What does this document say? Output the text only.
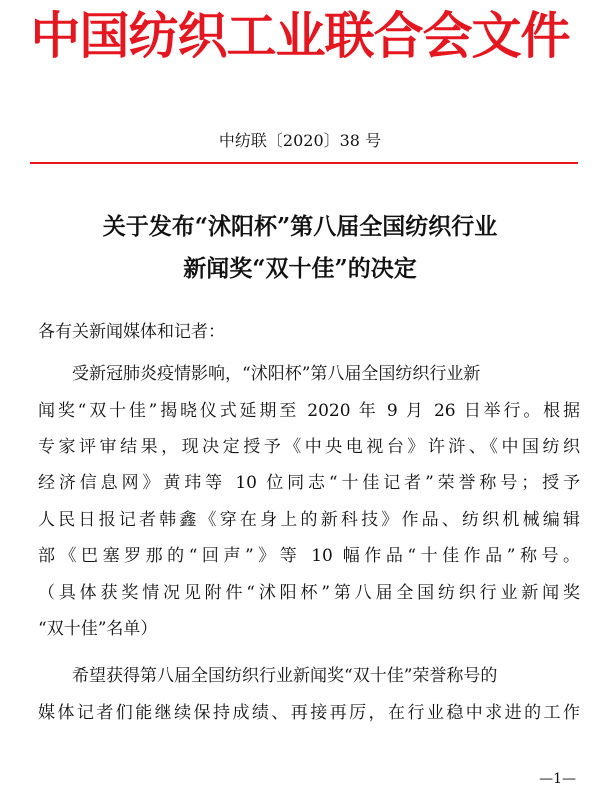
中国纺织工业联合会文件
中纺联〔2020〕38 号
关于发布“沭阳杯”第八届全国纺织行业
新闻奖“双十佳”的决定
各有关新闻媒体和记者：
受新冠肺炎疫情影响，“沭阳杯”第八届全国纺织行业新
闻奖“双十佳”揭晓仪式延期至 2020 年 9 月 26 日举行。根据
专家评审结果，现决定授予《中央电视台》许浒、《中国纺织
经济信息网》黄玮等 10 位同志“十佳记者”荣誉称号；授予
人民日报记者韩鑫《穿在身上的新科技》作品、纺织机械编辑
部《巴塞罗那的“回声”》等 10 幅作品“十佳作品”称号。
（具体获奖情况见附件“沭阳杯”第八届全国纺织行业新闻奖
“双十佳”名单）
希望获得第八届全国纺织行业新闻奖“双十佳”荣誉称号的
媒体记者们能继续保持成绩、再接再厉，在行业稳中求进的工作
—1—
